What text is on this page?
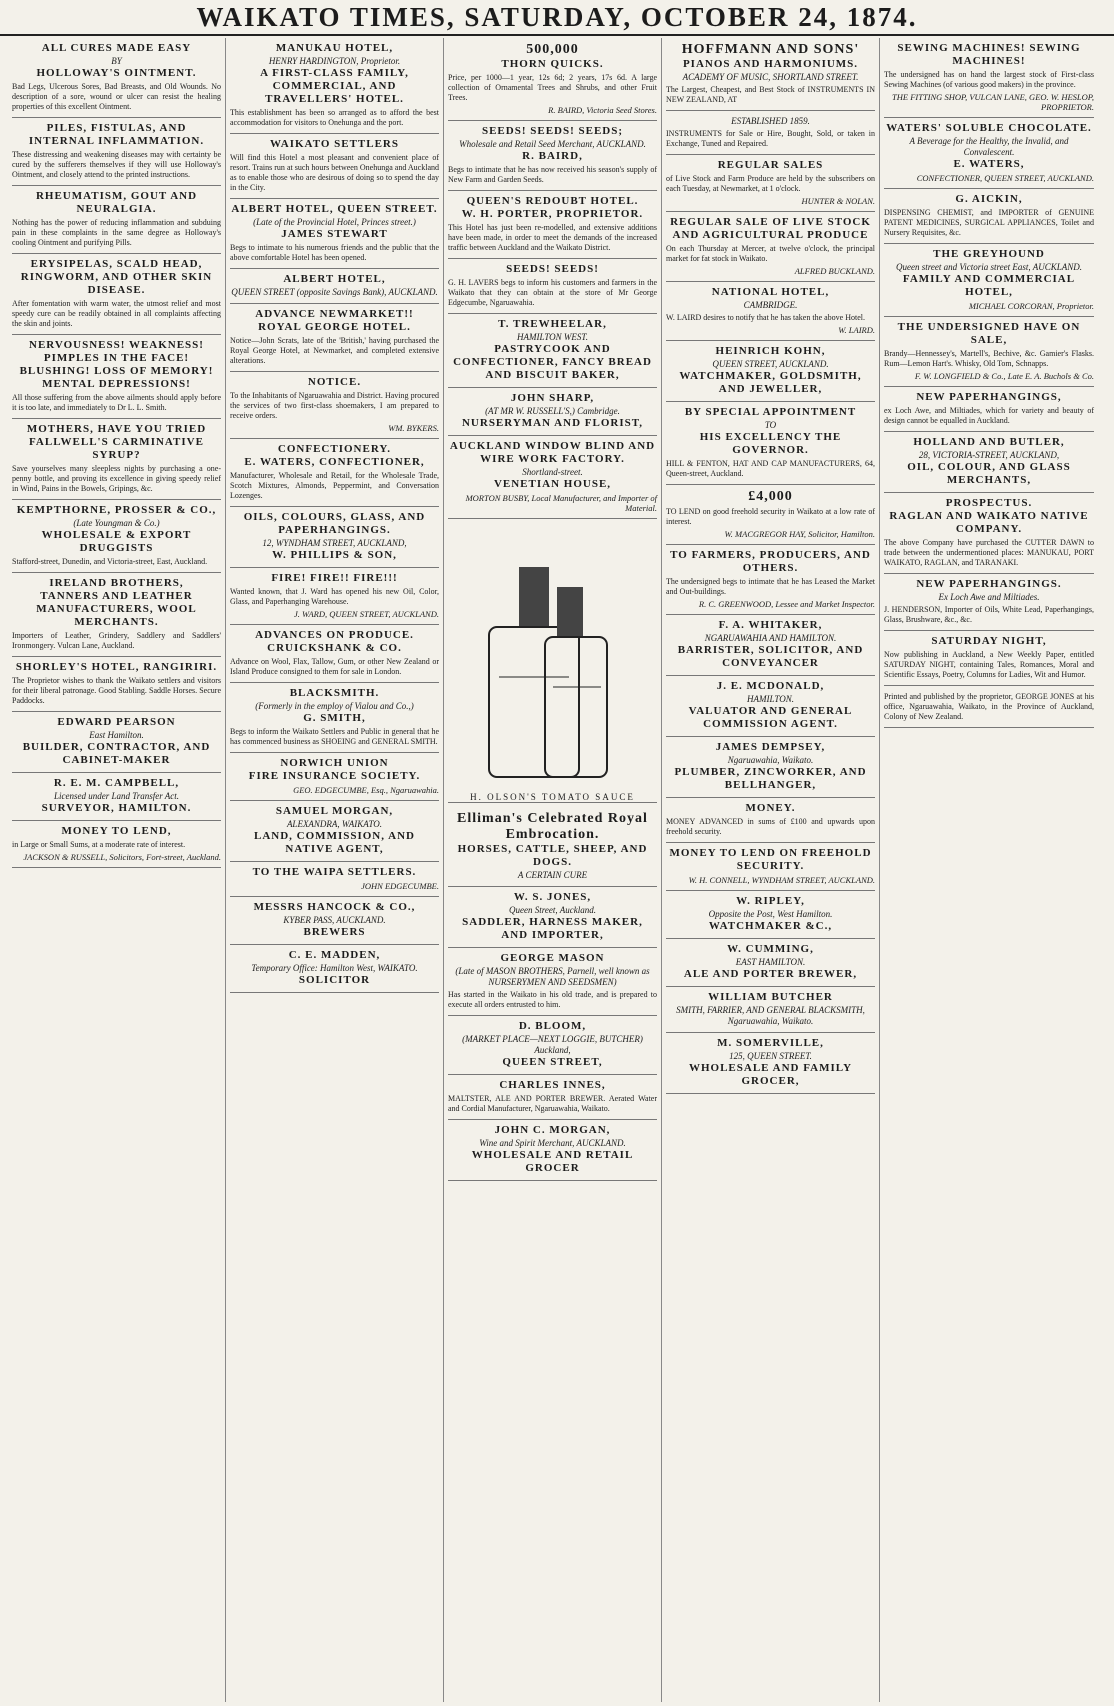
WAIKATO TIMES, SATURDAY, OCTOBER 24, 1874.
ALL CURES MADE EASY
BY
HOLLOWAY'S OINTMENT.
Bad Legs, Ulcerous Sores, Bad Breasts, and Old Wounds. No description of a sore, wound or ulcer can resist the healing properties of this excellent Ointment.
PILES, FISTULAS, AND INTERNAL INFLAMMATION.
These distressing and weakening diseases may with certainty be cured by the sufferers themselves if they will use Holloway's Ointment, and closely attend to the printed instructions.
RHEUMATISM, GOUT AND NEURALGIA.
Nothing has the power of reducing inflammation and subduing pain in these complaints in the same degree as Holloway's cooling Ointment and purifying Pills.
ERYSIPELAS, SCALD HEAD, RINGWORM, AND OTHER SKIN DISEASE.
After fomentation with warm water, the utmost relief and most speedy cure can be readily obtained in all complaints affecting the skin and joints.
NERVOUSNESS! WEAKNESS! PIMPLES IN THE FACE! BLUSHING! LOSS OF MEMORY! MENTAL DEPRESSIONS!
All those suffering from the above ailments should apply before it is too late, and immediately to Dr L. L. Smith.
MOTHERS, HAVE YOU TRIED FALLWELL'S CARMINATIVE SYRUP?
Save yourselves many sleepless nights by purchasing a one-penny bottle, and proving its excellence in giving speedy relief in Wind, Pains in the Bowels, Gripings, &c.
KEMPTHORNE, PROSSER & CO.,
(Late Youngman & Co.)
WHOLESALE & EXPORT DRUGGISTS
Stafford-street, Dunedin, and Victoria-street, East, Auckland.
IRELAND BROTHERS,
TANNERS AND LEATHER MANUFACTURERS, WOOL MERCHANTS.
Importers of Leather, Grindery, Saddlery and Saddlers' Ironmongery. Vulcan Lane, Auckland.
SHORLEY'S HOTEL, RANGIRIRI.
The Proprietor wishes to thank the Waikato settlers and visitors for their liberal patronage. Good Stabling. Saddle Horses. Secure Paddocks.
EDWARD PEARSON
East Hamilton.
BUILDER, CONTRACTOR, AND CABINET-MAKER
R. E. M. CAMPBELL,
Licensed under Land Transfer Act.
SURVEYOR, HAMILTON.
MONEY TO LEND,
in Large or Small Sums, at a moderate rate of interest.
JACKSON & RUSSELL, Solicitors, Fort-street, Auckland.
MANUKAU HOTEL,
HENRY HARDINGTON, Proprietor.
A FIRST-CLASS FAMILY, COMMERCIAL, AND TRAVELLERS' HOTEL.
This establishment has been so arranged as to afford the best accommodation for visitors to Onehunga and the port.
WAIKATO SETTLERS
Will find this Hotel a most pleasant and convenient place of resort. Trains run at such hours between Onehunga and Auckland as to enable those who are desirous of doing so to spend the day in the City.
ALBERT HOTEL, QUEEN STREET.
(Late of the Provincial Hotel, Princes street.)
JAMES STEWART
Begs to intimate to his numerous friends and the public that the above comfortable Hotel has been opened.
ALBERT HOTEL,
QUEEN STREET (opposite Savings Bank), AUCKLAND.
ADVANCE NEWMARKET!!
ROYAL GEORGE HOTEL.
Notice—John Scrats, late of the 'British,' having purchased the Royal George Hotel, at Newmarket, and completed extensive alterations.
NOTICE.
To the Inhabitants of Ngaruawahia and District. Having procured the services of two first-class shoemakers, I am prepared to receive orders.
WM. BYKERS.
CONFECTIONERY.
E. WATERS, CONFECTIONER,
Manufacturer, Wholesale and Retail, for the Wholesale Trade, Scotch Mixtures, Almonds, Peppermint, and Conversation Lozenges.
OILS, COLOURS, GLASS, AND PAPERHANGINGS.
12, WYNDHAM STREET, AUCKLAND,
W. PHILLIPS & SON,
FIRE! FIRE!! FIRE!!!
Wanted known, that J. Ward has opened his new Oil, Color, Glass, and Paperhanging Warehouse.
J. WARD, QUEEN STREET, AUCKLAND.
ADVANCES ON PRODUCE.
CRUICKSHANK & CO.
Advance on Wool, Flax, Tallow, Gum, or other New Zealand or Island Produce consigned to them for sale in London.
BLACKSMITH.
(Formerly in the employ of Vialou and Co.,)
G. SMITH,
Begs to inform the Waikato Settlers and Public in general that he has commenced business as SHOEING and GENERAL SMITH.
NORWICH UNION
FIRE INSURANCE SOCIETY.
GEO. EDGECUMBE, Esq., Ngaruawahia.
SAMUEL MORGAN,
ALEXANDRA, WAIKATO.
LAND, COMMISSION, AND NATIVE AGENT,
TO THE WAIPA SETTLERS.
JOHN EDGECUMBE.
MESSRS HANCOCK & CO.,
KYBER PASS, AUCKLAND.
BREWERS
C. E. MADDEN,
Temporary Office: Hamilton West, WAIKATO.
SOLICITOR
500,000
THORN QUICKS.
Price, per 1000—1 year, 12s 6d; 2 years, 17s 6d. A large collection of Ornamental Trees and Shrubs, and other Fruit Trees.
R. BAIRD, Victoria Seed Stores.
SEEDS! SEEDS! SEEDS;
Wholesale and Retail Seed Merchant, AUCKLAND.
R. BAIRD,
Begs to intimate that he has now received his season's supply of New Farm and Garden Seeds.
QUEEN'S REDOUBT HOTEL.
W. H. PORTER, PROPRIETOR.
This Hotel has just been re-modelled, and extensive additions have been made, in order to meet the demands of the increased traffic between Auckland and the Waikato District.
SEEDS! SEEDS!
G. H. LAVERS begs to inform his customers and farmers in the Waikato that they can obtain at the store of Mr George Edgecumbe, Ngaruawahia.
T. TREWHEELAR,
HAMILTON WEST.
PASTRYCOOK AND CONFECTIONER, FANCY BREAD AND BISCUIT BAKER,
JOHN SHARP,
(AT MR W. RUSSELL'S,) Cambridge.
NURSERYMAN AND FLORIST,
AUCKLAND WINDOW BLIND AND WIRE WORK FACTORY.
Shortland-street.
VENETIAN HOUSE,
MORTON BUSBY, Local Manufacturer, and Importer of Material.
H. OLSON'S TOMATO SAUCE
Elliman's Celebrated Royal Embrocation.
HORSES, CATTLE, SHEEP, AND DOGS.
A CERTAIN CURE
W. S. JONES,
Queen Street, Auckland.
SADDLER, HARNESS MAKER, AND IMPORTER,
GEORGE MASON
(Late of MASON BROTHERS, Parnell, well known as NURSERYMEN AND SEEDSMEN)
Has started in the Waikato in his old trade, and is prepared to execute all orders entrusted to him.
D. BLOOM,
(MARKET PLACE—NEXT LOGGIE, BUTCHER) Auckland,
QUEEN STREET,
CHARLES INNES,
MALTSTER, ALE AND PORTER BREWER. Aerated Water and Cordial Manufacturer, Ngaruawahia, Waikato.
JOHN C. MORGAN,
Wine and Spirit Merchant, AUCKLAND.
WHOLESALE AND RETAIL GROCER
HOFFMANN AND SONS'
PIANOS AND HARMONIUMS.
ACADEMY OF MUSIC, SHORTLAND STREET.
The Largest, Cheapest, and Best Stock of INSTRUMENTS IN NEW ZEALAND, AT
ESTABLISHED 1859.
INSTRUMENTS for Sale or Hire, Bought, Sold, or taken in Exchange, Tuned and Repaired.
REGULAR SALES
of Live Stock and Farm Produce are held by the subscribers on each Tuesday, at Newmarket, at 1 o'clock.
HUNTER & NOLAN.
REGULAR SALE OF LIVE STOCK AND AGRICULTURAL PRODUCE
On each Thursday at Mercer, at twelve o'clock, the principal market for fat stock in Waikato.
ALFRED BUCKLAND.
NATIONAL HOTEL,
CAMBRIDGE.
W. LAIRD desires to notify that he has taken the above Hotel.
W. LAIRD.
HEINRICH KOHN,
QUEEN STREET, AUCKLAND.
WATCHMAKER, GOLDSMITH, AND JEWELLER,
BY SPECIAL APPOINTMENT
TO
HIS EXCELLENCY THE GOVERNOR.
HILL & FENTON, HAT AND CAP MANUFACTURERS, 64, Queen-street, Auckland.
£4,000
TO LEND on good freehold security in Waikato at a low rate of interest.
W. MACGREGOR HAY, Solicitor, Hamilton.
TO FARMERS, PRODUCERS, AND OTHERS.
The undersigned begs to intimate that he has Leased the Market and Out-buildings.
R. C. GREENWOOD, Lessee and Market Inspector.
F. A. WHITAKER,
NGARUAWAHIA AND HAMILTON.
BARRISTER, SOLICITOR, AND CONVEYANCER
J. E. MCDONALD,
HAMILTON.
VALUATOR AND GENERAL COMMISSION AGENT.
JAMES DEMPSEY,
Ngaruawahia, Waikato.
PLUMBER, ZINCWORKER, AND BELLHANGER,
MONEY.
MONEY ADVANCED in sums of £100 and upwards upon freehold security.
MONEY TO LEND ON FREEHOLD SECURITY.
W. H. CONNELL, WYNDHAM STREET, AUCKLAND.
W. RIPLEY,
Opposite the Post, West Hamilton.
WATCHMAKER &C.,
W. CUMMING,
EAST HAMILTON.
ALE AND PORTER BREWER,
WILLIAM BUTCHER
SMITH, FARRIER, AND GENERAL BLACKSMITH, Ngaruawahia, Waikato.
M. SOMERVILLE,
125, QUEEN STREET.
WHOLESALE AND FAMILY GROCER,
SEWING MACHINES! SEWING MACHINES!
The undersigned has on hand the largest stock of First-class Sewing Machines (of various good makers) in the province.
THE FITTING SHOP, VULCAN LANE, GEO. W. HESLOP, PROPRIETOR.
WATERS' SOLUBLE CHOCOLATE.
A Beverage for the Healthy, the Invalid, and Convalescent.
E. WATERS,
CONFECTIONER, QUEEN STREET, AUCKLAND.
G. AICKIN,
DISPENSING CHEMIST, and IMPORTER of GENUINE PATENT MEDICINES, SURGICAL APPLIANCES, Toilet and Nursery Requisites, &c.
THE GREYHOUND
Queen street and Victoria street East, AUCKLAND.
FAMILY AND COMMERCIAL HOTEL,
MICHAEL CORCORAN, Proprietor.
THE UNDERSIGNED HAVE ON SALE,
Brandy—Hennessey's, Martell's, Bechive, &c. Gamier's Flasks. Rum—Lemon Hart's. Whisky, Old Tom, Schnapps.
F. W. LONGFIELD & Co., Late E. A. Buchols & Co.
NEW PAPERHANGINGS,
ex Loch Awe, and Miltiades, which for variety and beauty of design cannot be equalled in Auckland.
HOLLAND AND BUTLER,
28, VICTORIA-STREET, AUCKLAND,
OIL, COLOUR, AND GLASS MERCHANTS,
PROSPECTUS.
RAGLAN AND WAIKATO NATIVE COMPANY.
The above Company have purchased the CUTTER DAWN to trade between the undermentioned places: MANUKAU, PORT WAIKATO, RAGLAN, and TARANAKI.
NEW PAPERHANGINGS.
Ex Loch Awe and Miltiades.
J. HENDERSON, Importer of Oils, White Lead, Paperhangings, Glass, Brushware, &c., &c.
SATURDAY NIGHT,
Now publishing in Auckland, a New Weekly Paper, entitled SATURDAY NIGHT, containing Tales, Romances, Moral and Scientific Essays, Poetry, Columns for Ladies, Wit and Humor.
Printed and published by the proprietor, GEORGE JONES at his office, Ngaruawahia, Waikato, in the Province of Auckland, Colony of New Zealand.
